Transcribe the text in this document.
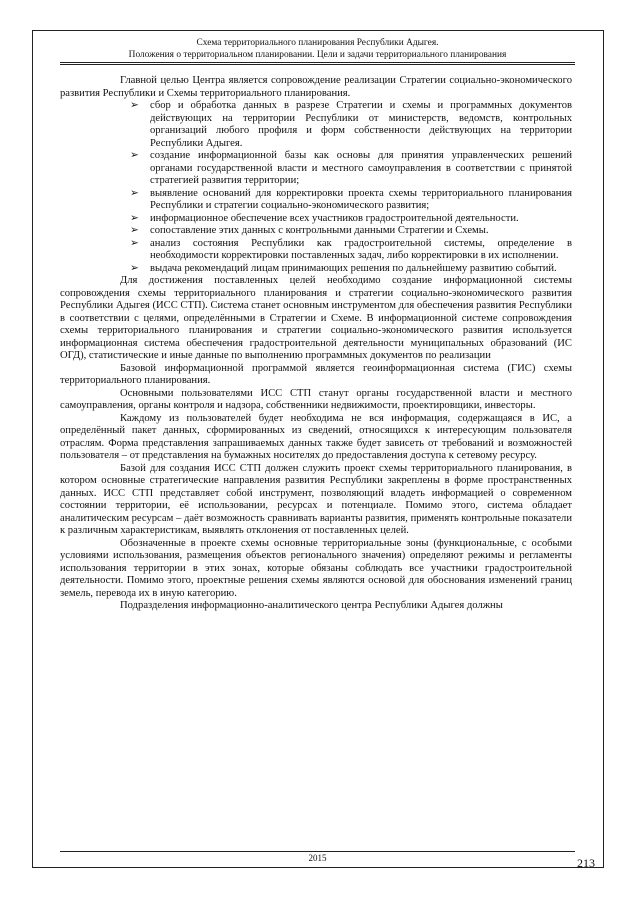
Схема территориального планирования Республики Адыгея.
Положения о территориальном планировании. Цели и задачи территориального планирования

Главной целью Центра является сопровождение реализации Стратегии социально-экономического развития Республики и Схемы территориального планирования.

➢ сбор и обработка данных в разрезе Стратегии и схемы и программных документов действующих на территории Республики от министерств, ведомств, контрольных организаций любого профиля и форм собственности действующих на территории Республики Адыгея.
➢ создание информационной базы как основы для принятия управленческих решений органами государственной власти и местного самоуправления в соответствии с принятой стратегией развития территории;
➢ выявление оснований для корректировки проекта схемы территориального планирования Республики и стратегии социально-экономического развития;
➢ информационное обеспечение всех участников градостроительной деятельности.
➢ сопоставление этих данных с контрольными данными Стратегии и Схемы.
➢ анализ состояния Республики как градостроительной системы, определение в необходимости корректировки поставленных задач, либо корректировки в их исполнении.
➢ выдача рекомендаций лицам принимающих решения по дальнейшему развитию событий.

Для достижения поставленных целей необходимо создание информационной системы сопровождения схемы территориального планирования и стратегии социально-экономического развития Республики Адыгея (ИСС СТП). Система станет основным инструментом для обеспечения развития Республики в соответствии с целями, определёнными в Стратегии и Схеме. В информационной системе сопровождения схемы территориального планирования и стратегии социально-экономического развития используется информационная система обеспечения градостроительной деятельности муниципальных образований (ИС ОГД), статистические и иные данные по выполнению программных документов по реализации

Базовой информационной программой является геоинформационная система (ГИС) схемы территориального планирования.

Основными пользователями ИСС СТП станут органы государственной власти и местного самоуправления, органы контроля и надзора, собственники недвижимости, проектировщики, инвесторы.

Каждому из пользователей будет необходима не вся информация, содержащаяся в ИС, а определённый пакет данных, сформированных из сведений, относящихся к интересующим пользователя отраслям. Форма представления запрашиваемых данных также будет зависеть от требований и возможностей пользователя – от представления на бумажных носителях до предоставления доступа к сетевому ресурсу.

Базой для создания ИСС СТП должен служить проект схемы территориального планирования, в котором основные стратегические направления развития Республики закреплены в форме пространственных данных. ИСС СТП представляет собой инструмент, позволяющий владеть информацией о современном состоянии территории, её использовании, ресурсах и потенциале. Помимо этого, система обладает аналитическим ресурсам – даёт возможность сравнивать варианты развития, применять контрольные показатели к различным характеристикам, выявлять отклонения от поставленных целей.

Обозначенные в проекте схемы основные территориальные зоны (функциональные, с особыми условиями использования, размещения объектов регионального значения) определяют режимы и регламенты использования территории в этих зонах, которые обязаны соблюдать все участники градостроительной деятельности. Помимо этого, проектные решения схемы являются основой для обоснования изменений границ земель, перевода их в иную категорию.

Подразделения информационно-аналитического центра Республики Адыгея должны

2015	213
